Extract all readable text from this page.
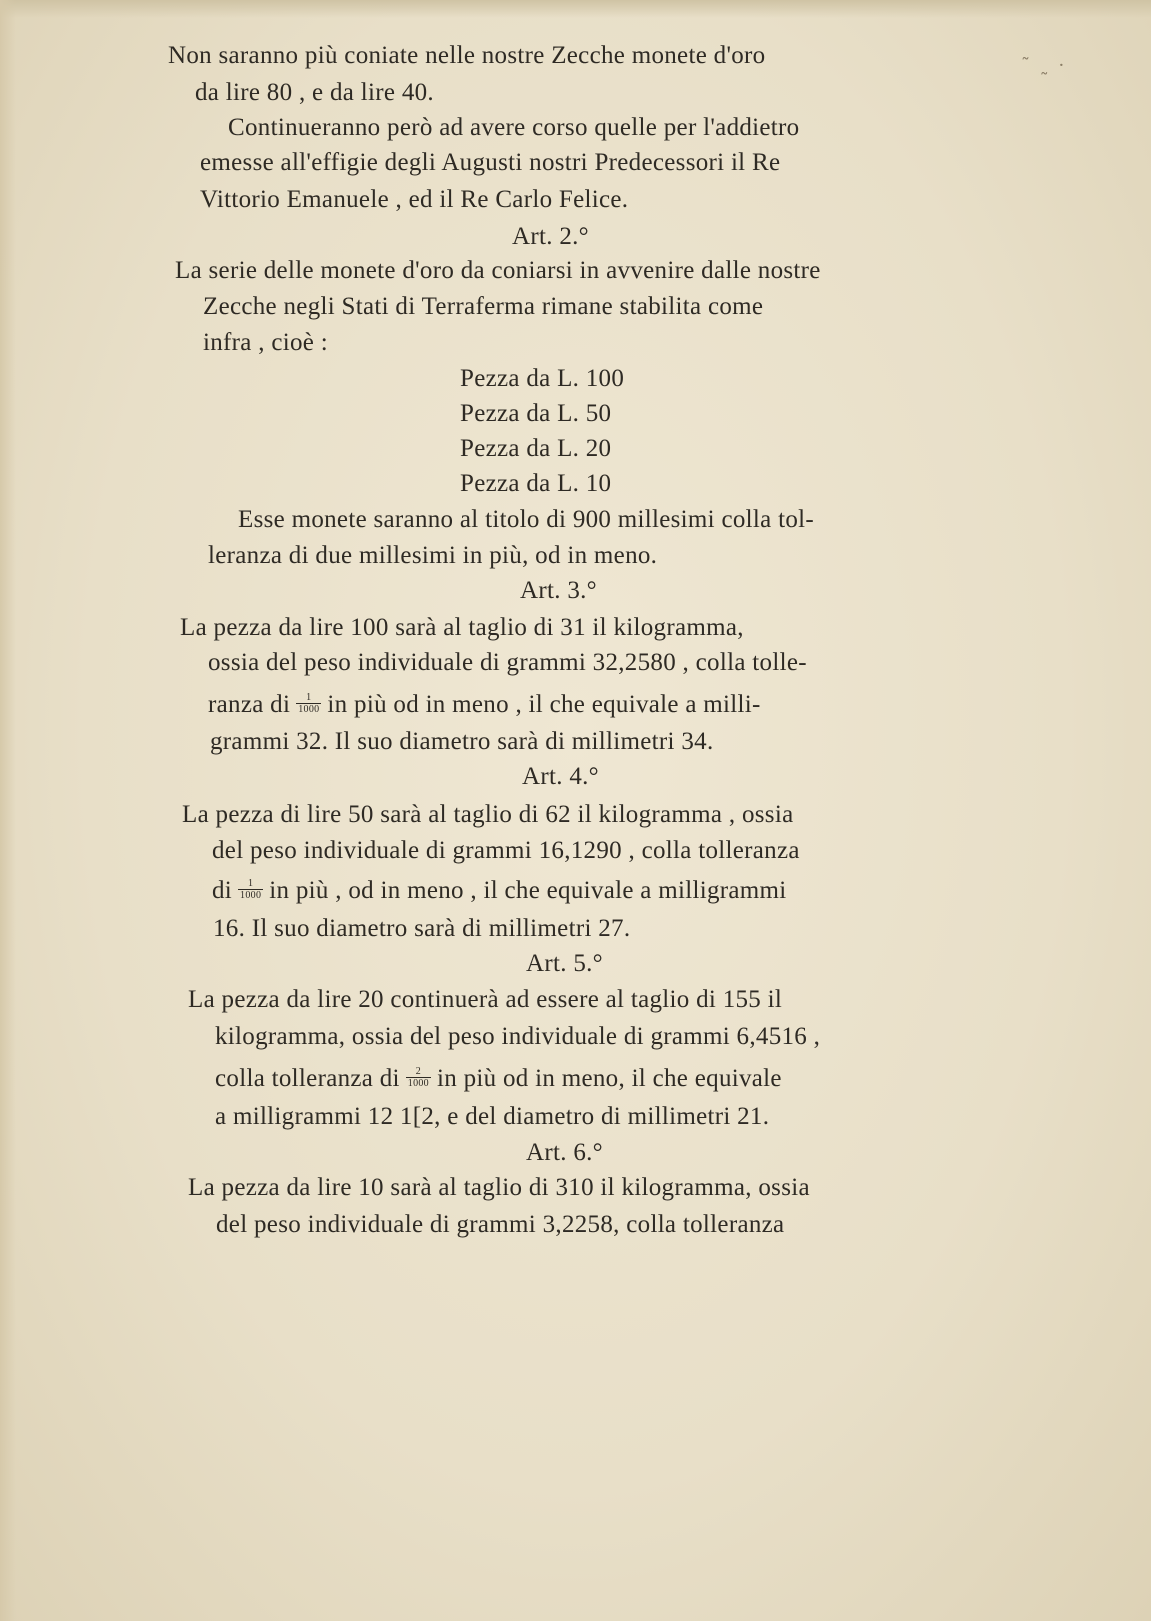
˜ ˷ ·
Non saranno più coniate nelle nostre Zecche monete d'oro
da lire 80 , e da lire 40.
Continueranno però ad avere corso quelle per l'addietro
emesse all'effigie degli Augusti nostri Predecessori il Re
Vittorio Emanuele , ed il Re Carlo Felice.
Art. 2.°
La serie delle monete d'oro da coniarsi in avvenire dalle nostre
Zecche negli Stati di Terraferma rimane stabilita come
infra , cioè :
Pezza da L. 100
Pezza da L. 50
Pezza da L. 20
Pezza da L. 10
Esse monete saranno al titolo di 900 millesimi colla tol-
leranza di due millesimi in più, od in meno.
Art. 3.°
La pezza da lire 100 sarà al taglio di 31 il kilogramma,
ossia del peso individuale di grammi 32,2580 , colla tolle-
ranza di $\frac{1}{1000}$ in più od in meno , il che equivale a milli-
grammi 32. Il suo diametro sarà di millimetri 34.
Art. 4.°
La pezza di lire 50 sarà al taglio di 62 il kilogramma , ossia
del peso individuale di grammi 16,1290 , colla tolleranza
di $\frac{1}{1000}$ in più , od in meno , il che equivale a milligrammi
16. Il suo diametro sarà di millimetri 27.
Art. 5.°
La pezza da lire 20 continuerà ad essere al taglio di 155 il
kilogramma, ossia del peso individuale di grammi 6,4516 ,
colla tolleranza di $\frac{2}{1000}$ in più od in meno, il che equivale
a milligrammi 12 1[2, e del diametro di millimetri 21.
Art. 6.°
La pezza da lire 10 sarà al taglio di 310 il kilogramma, ossia
del peso individuale di grammi 3,2258, colla tolleranza
